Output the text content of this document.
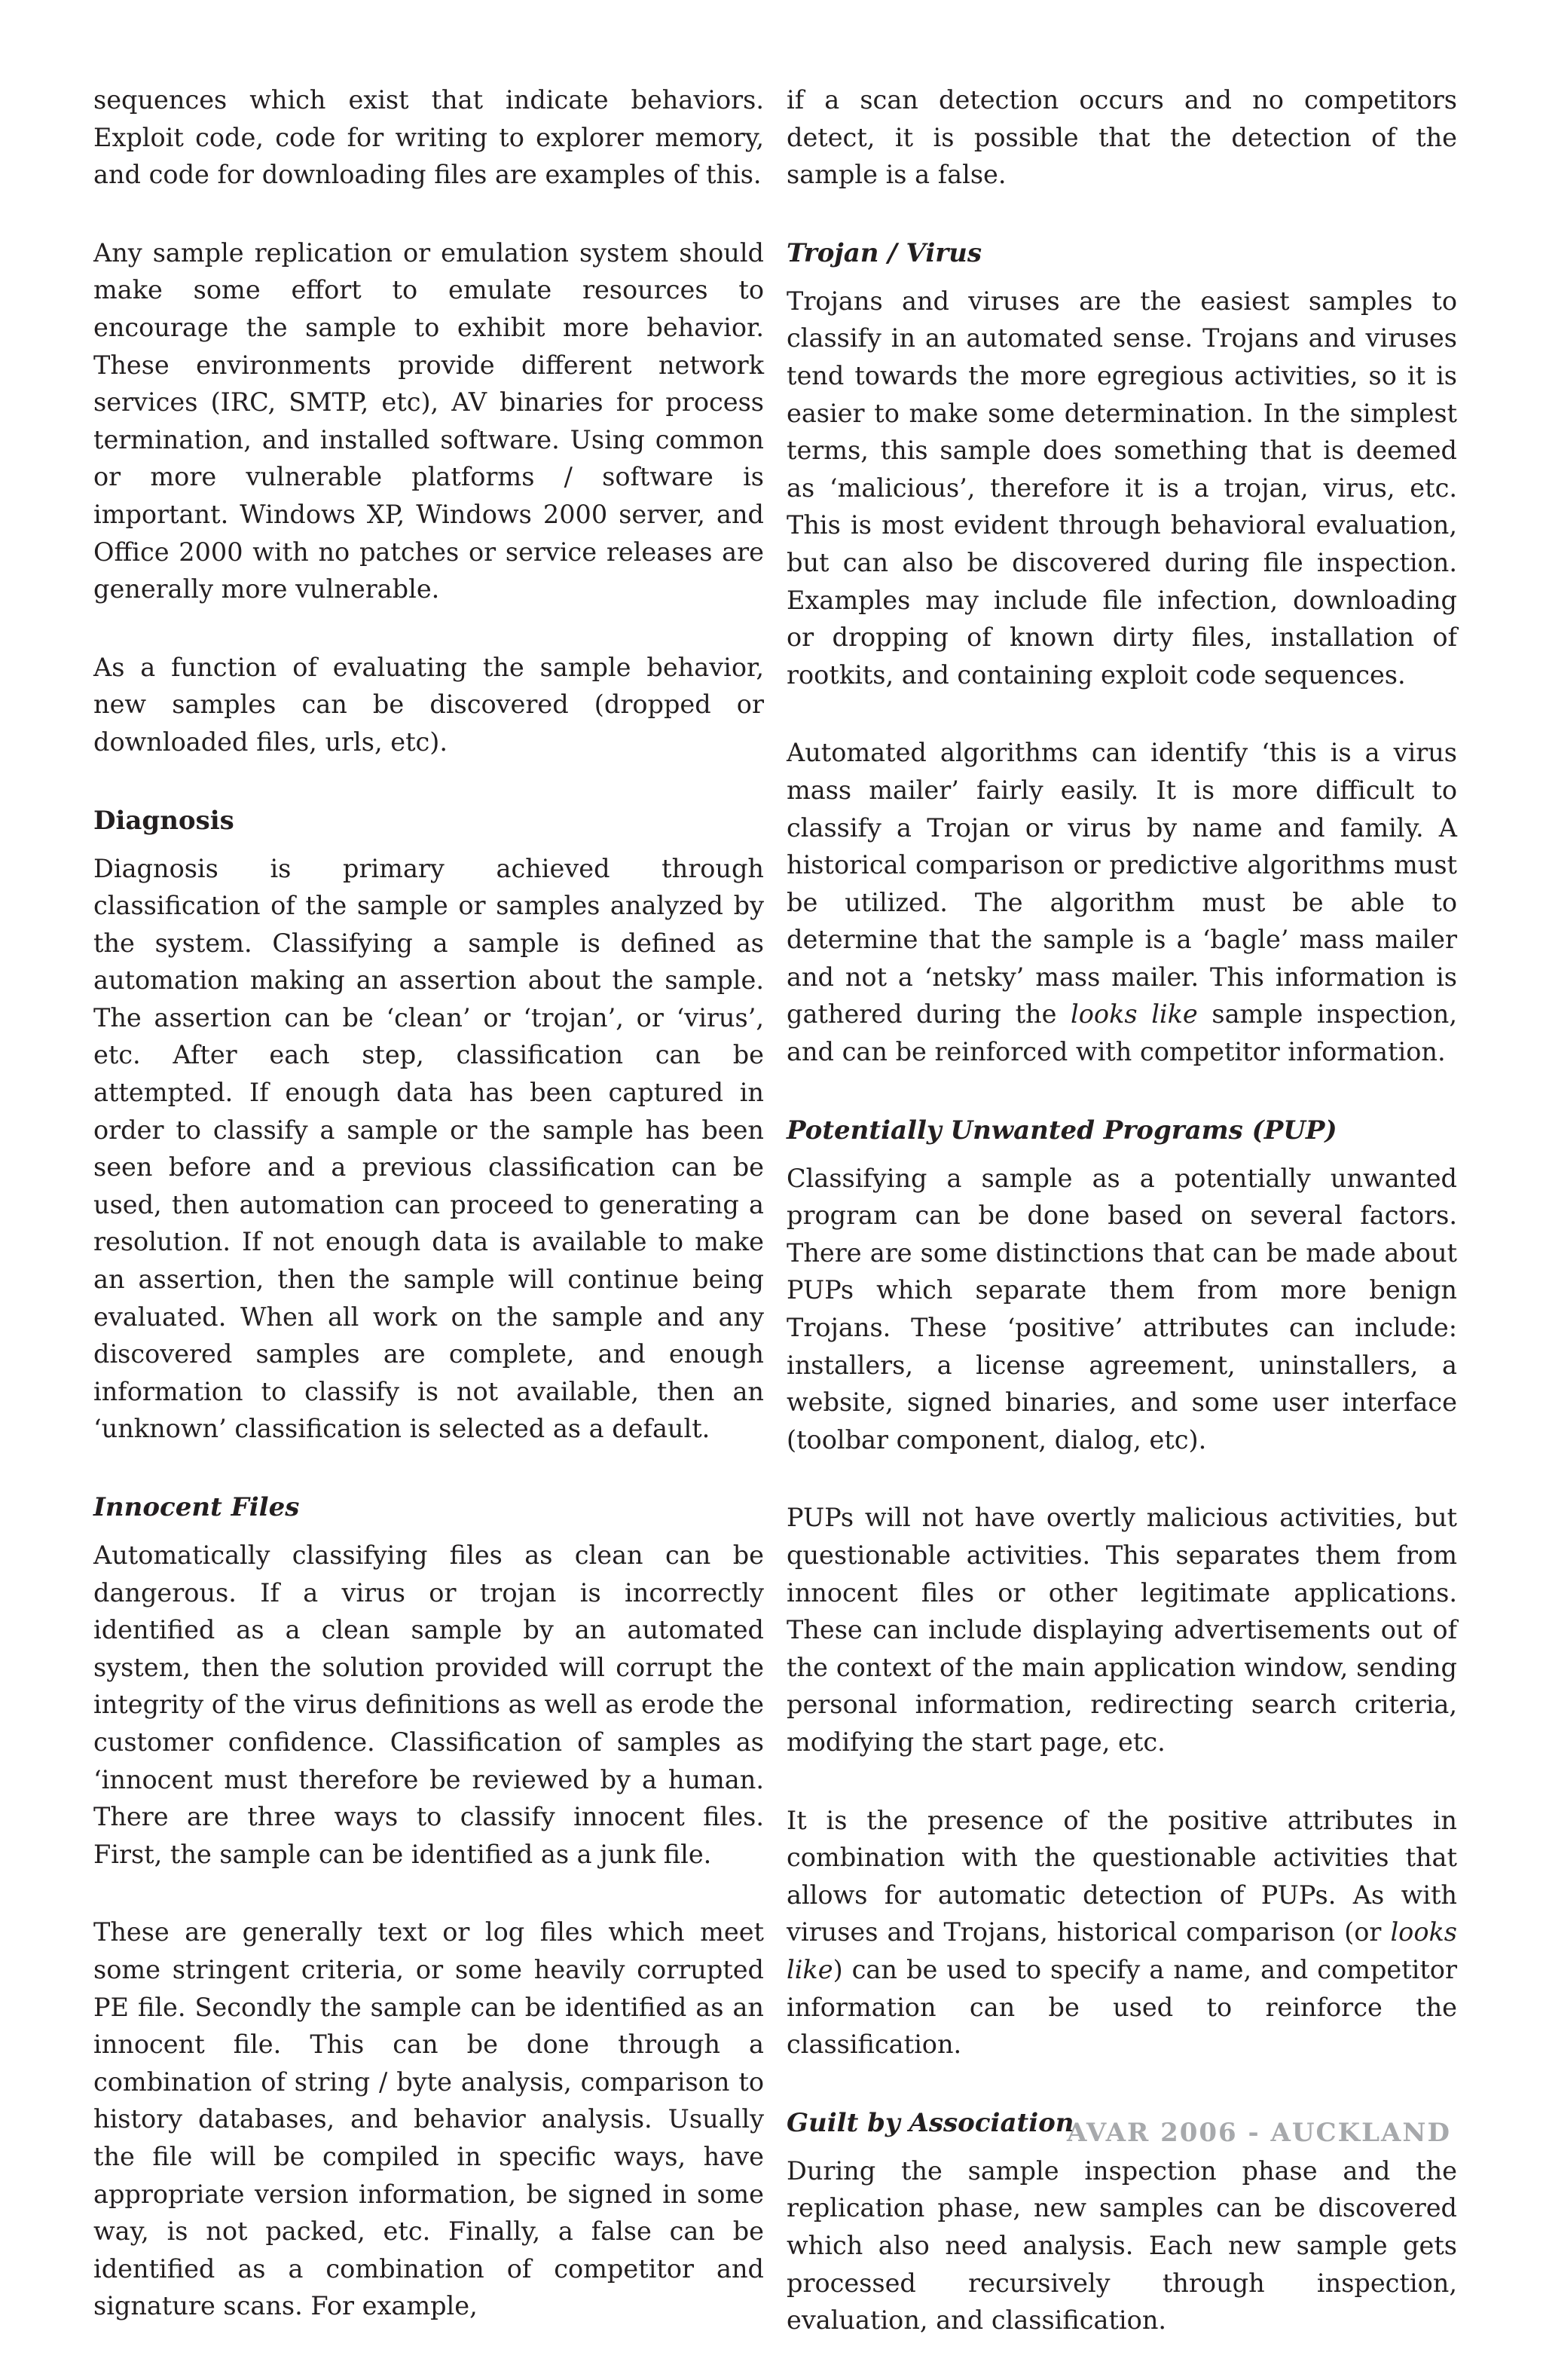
sequences which exist that indicate behaviors. Exploit code, code for writing to explorer memory, and code for downloading files are examples of this.

Any sample replication or emulation system should make some effort to emulate resources to encourage the sample to exhibit more behavior. These environments provide different network services (IRC, SMTP, etc), AV binaries for process termination, and installed software. Using common or more vulnerable platforms / software is important. Windows XP, Windows 2000 server, and Office 2000 with no patches or service releases are generally more vulnerable.

As a function of evaluating the sample behavior, new samples can be discovered (dropped or downloaded files, urls, etc).

Diagnosis

Diagnosis is primary achieved through classification of the sample or samples analyzed by the system. Classifying a sample is defined as automation making an assertion about the sample. The assertion can be ‘clean’ or ‘trojan’, or ‘virus’, etc. After each step, classification can be attempted. If enough data has been captured in order to classify a sample or the sample has been seen before and a previous classification can be used, then automation can proceed to generating a resolution. If not enough data is available to make an assertion, then the sample will continue being evaluated. When all work on the sample and any discovered samples are complete, and enough information to classify is not available, then an ‘unknown’ classification is selected as a default.

Innocent Files

Automatically classifying files as clean can be dangerous. If a virus or trojan is incorrectly identified as a clean sample by an automated system, then the solution provided will corrupt the integrity of the virus definitions as well as erode the customer confidence. Classification of samples as ‘innocent must therefore be reviewed by a human. There are three ways to classify innocent files. First, the sample can be identified as a junk file.

These are generally text or log files which meet some stringent criteria, or some heavily corrupted PE file. Secondly the sample can be identified as an innocent file. This can be done through a combination of string / byte analysis, comparison to history databases, and behavior analysis. Usually the file will be compiled in specific ways, have appropriate version information, be signed in some way, is not packed, etc. Finally, a false can be identified as a combination of competitor and signature scans. For example,

if a scan detection occurs and no competitors detect, it is possible that the detection of the sample is a false.

Trojan / Virus

Trojans and viruses are the easiest samples to classify in an automated sense. Trojans and viruses tend towards the more egregious activities, so it is easier to make some determination. In the simplest terms, this sample does something that is deemed as ‘malicious’, therefore it is a trojan, virus, etc. This is most evident through behavioral evaluation, but can also be discovered during file inspection. Examples may include file infection, downloading or dropping of known dirty files, installation of rootkits, and containing exploit code sequences.

Automated algorithms can identify ‘this is a virus mass mailer’ fairly easily. It is more difficult to classify a Trojan or virus by name and family. A historical comparison or predictive algorithms must be utilized. The algorithm must be able to determine that the sample is a ‘bagle’ mass mailer and not a ‘netsky’ mass mailer. This information is gathered during the looks like sample inspection, and can be reinforced with competitor information.

Potentially Unwanted Programs (PUP)

Classifying a sample as a potentially unwanted program can be done based on several factors. There are some distinctions that can be made about PUPs which separate them from more benign Trojans. These ‘positive’ attributes can include: installers, a license agreement, uninstallers, a website, signed binaries, and some user interface (toolbar component, dialog, etc).

PUPs will not have overtly malicious activities, but questionable activities. This separates them from innocent files or other legitimate applications. These can include displaying advertisements out of the context of the main application window, sending personal information, redirecting search criteria, modifying the start page, etc.

It is the presence of the positive attributes in combination with the questionable activities that allows for automatic detection of PUPs. As with viruses and Trojans, historical comparison (or looks like) can be used to specify a name, and competitor information can be used to reinforce the classification.

Guilt by Association

During the sample inspection phase and the replication phase, new samples can be discovered which also need analysis. Each new sample gets processed recursively through inspection, evaluation, and classification.

AVAR 2006 - AUCKLAND
